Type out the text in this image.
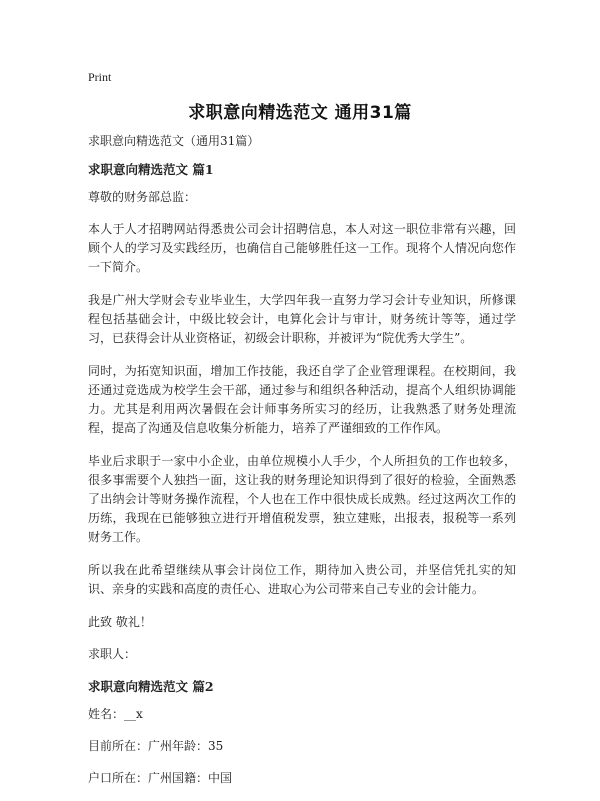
Print
求职意向精选范文 通用31篇

求职意向精选范文（通用31篇）

求职意向精选范文 篇1

尊敬的财务部总监：

本人于人才招聘网站得悉贵公司会计招聘信息，本人对这一职位非常有兴趣，回顾个人的学习及实践经历，也确信自己能够胜任这一工作。现将个人情况向您作一下简介。

我是广州大学财会专业毕业生，大学四年我一直努力学习会计专业知识，所修课程包括基础会计，中级比较会计，电算化会计与审计，财务统计等等，通过学习，已获得会计从业资格证，初级会计职称，并被评为“院优秀大学生”。

同时，为拓宽知识面，增加工作技能，我还自学了企业管理课程。在校期间，我还通过竞选成为校学生会干部，通过参与和组织各种活动，提高个人组织协调能力。尤其是利用两次暑假在会计师事务所实习的经历，让我熟悉了财务处理流程，提高了沟通及信息收集分析能力，培养了严谨细致的工作作风。

毕业后求职于一家中小企业，由单位规模小人手少，个人所担负的工作也较多，很多事需要个人独挡一面，这让我的财务理论知识得到了很好的检验，全面熟悉了出纳会计等财务操作流程，个人也在工作中很快成长成熟。经过这两次工作的历练，我现在已能够独立进行开增值税发票，独立建账，出报表，报税等一系列财务工作。

所以我在此希望继续从事会计岗位工作，期待加入贵公司，并坚信凭扎实的知识、亲身的实践和高度的责任心、进取心为公司带来自己专业的会计能力。

此致 敬礼！

求职人：

求职意向精选范文 篇2

姓名：__x

目前所在：广州年龄：35

户口所在：广州国籍：中国
